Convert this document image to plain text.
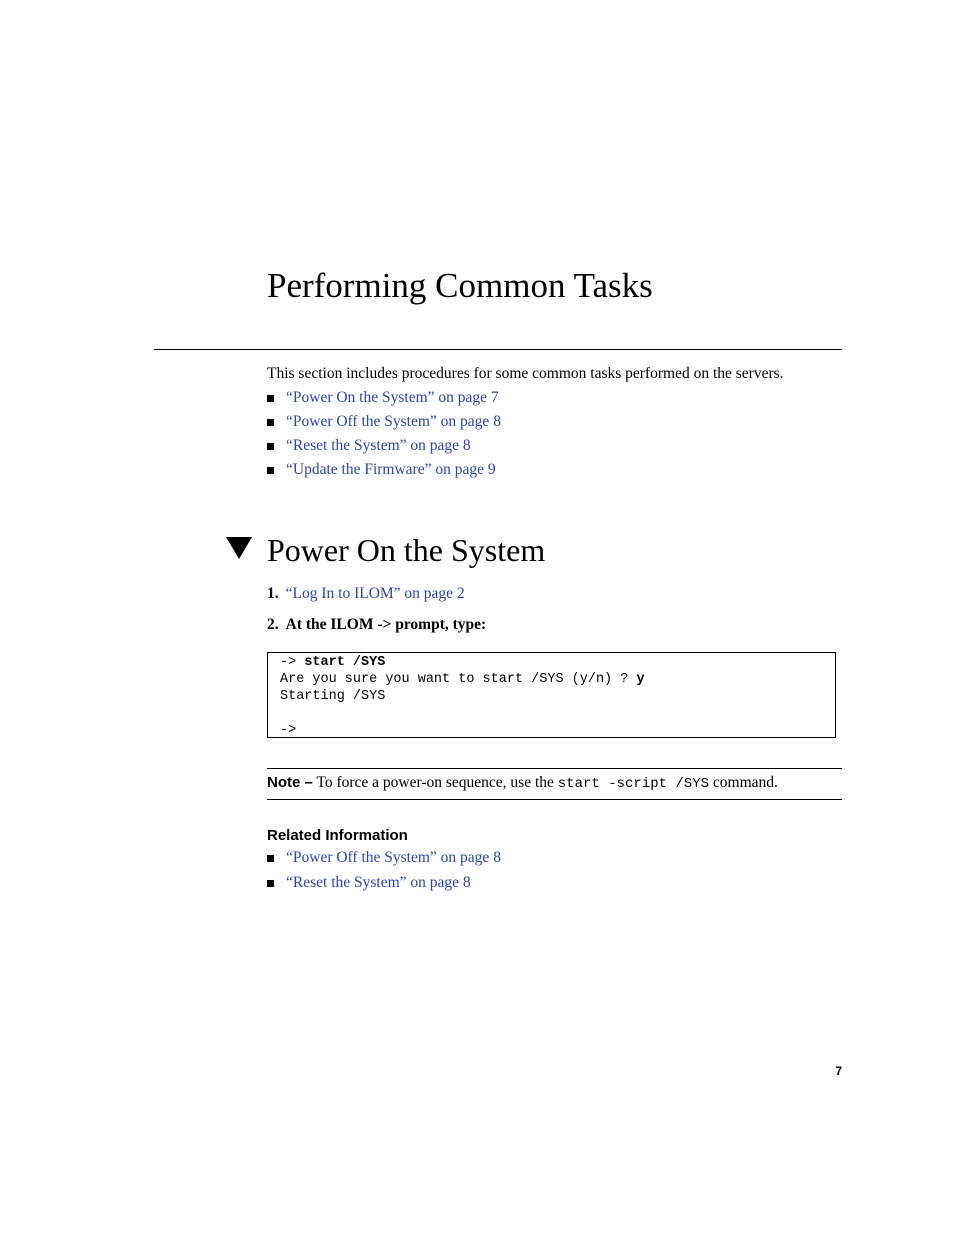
Performing Common Tasks

This section includes procedures for some common tasks performed on the servers.

“Power On the System” on page 7
“Power Off the System” on page 8
“Reset the System” on page 8
“Update the Firmware” on page 9
Power On the System

1. “Log In to ILOM” on page 2

2. At the ILOM -> prompt, type:

-> start /SYS
Are you sure you want to start /SYS (y/n) ? y
Starting /SYS
->
Note – To force a power-on sequence, use the start -script /SYS command.
Related Information
“Power Off the System” on page 8
“Reset the System” on page 8
7
